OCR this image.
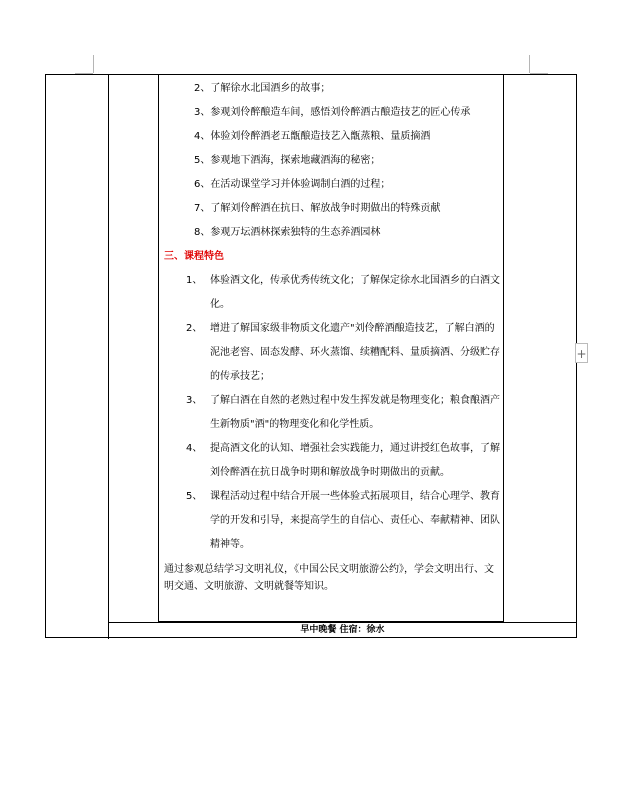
2、了解徐水北国酒乡的故事；
3、参观刘伶醉酿造车间，感悟刘伶醉酒古酿造技艺的匠心传承
4、体验刘伶醉酒老五甑酿造技艺入甑蒸粮、量质摘酒
5、参观地下酒海，探索地藏酒海的秘密；
6、在活动课堂学习并体验调制白酒的过程；
7、了解刘伶醉酒在抗日、解放战争时期做出的特殊贡献
8、参观万坛酒林探索独特的生态养酒园林
三、课程特色
1、 体验酒文化，传承优秀传统文化；了解保定徐水北国酒乡的白酒文化。
2、 增进了解国家级非物质文化遗产"刘伶醉酒酿造技艺，了解白酒的泥池老窖、固态发酵、环火蒸馏、续糟配料、量质摘酒、分级贮存的传承技艺；
3、 了解白酒在自然的老熟过程中发生挥发就是物理变化；粮食酿酒产生新物质"酒"的物理变化和化学性质。
4、 提高酒文化的认知、增强社会实践能力，通过讲授红色故事，了解刘伶醉酒在抗日战争时期和解放战争时期做出的贡献。
5、 课程活动过程中结合开展一些体验式拓展项目，结合心理学、教育学的开发和引导，来提高学生的自信心、责任心、奉献精神、团队精神等。
通过参观总结学习文明礼仪，《中国公民文明旅游公约》，学会文明出行、文明交通、文明旅游、文明就餐等知识。
早中晚餐 住宿：徐水
+
